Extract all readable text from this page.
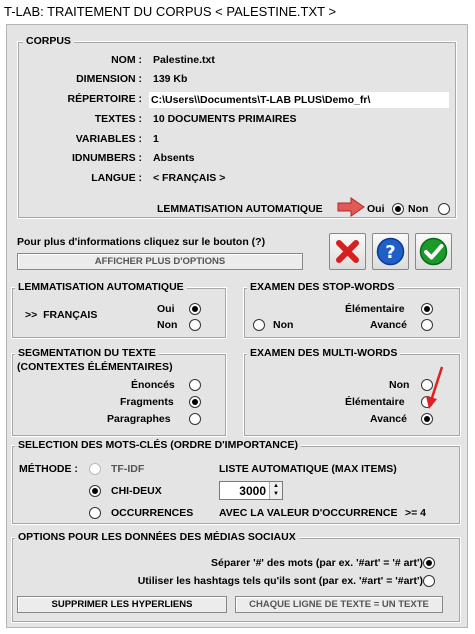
T-LAB: TRAITEMENT DU CORPUS < PALESTINE.TXT >
CORPUS
NOM : Palestine.txt
DIMENSION : 139 Kb
RÉPERTOIRE : C:\Users\\Documents\T-LAB PLUS\Demo_fr\
TEXTES : 10 DOCUMENTS PRIMAIRES
VARIABLES : 1
IDNUMBERS : Absents
LANGUE : < FRANÇAIS >
LEMMATISATION AUTOMATIQUE	Oui Non
Pour plus d'informations cliquez sur le bouton (?)
AFFICHER PLUS D'OPTIONS	?
LEMMATISATION AUTOMATIQUE
>>  FRANÇAIS	Oui
Non
EXAMEN DES STOP-WORDS
Élémentaire
Non	Avancé
SEGMENTATION DU TEXTE
(CONTEXTES ÉLÉMENTAIRES)
Énoncés
Fragments
Paragraphes
EXAMEN DES MULTI-WORDS
Non
Élémentaire
Avancé
SELECTION DES MOTS-CLÉS (ORDRE D'IMPORTANCE)
MÉTHODE :	TF-IDF
CHI-DEUX
OCCURRENCES
LISTE AUTOMATIQUE (MAX ITEMS)
3000	▲
▼
AVEC LA VALEUR D'OCCURRENCE >= 4
OPTIONS POUR LES DONNÉES DES MÉDIAS SOCIAUX
Séparer '#' des mots (par ex. '#art' = '# art')
Utiliser les hashtags tels qu'ils sont (par ex. '#art' = '#art')
SUPPRIMER LES HYPERLIENS	CHAQUE LIGNE DE TEXTE = UN TEXTE
